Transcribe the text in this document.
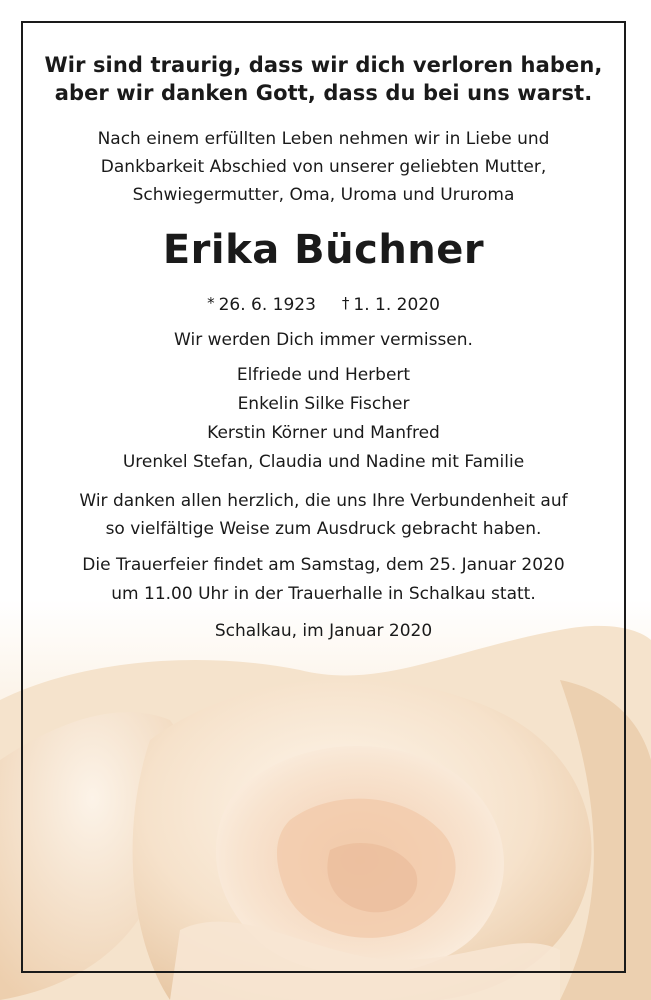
Wir sind traurig, dass wir dich verloren haben,
aber wir danken Gott, dass du bei uns warst.
Nach einem erfüllten Leben nehmen wir in Liebe und
Dankbarkeit Abschied von unserer geliebten Mutter,
Schwiegermutter, Oma, Uroma und Ururoma
Erika Büchner
* 26. 6. 1923 † 1. 1. 2020
Wir werden Dich immer vermissen.
Elfriede und Herbert
Enkelin Silke Fischer
Kerstin Körner und Manfred
Urenkel Stefan, Claudia und Nadine mit Familie
Wir danken allen herzlich, die uns Ihre Verbundenheit auf
so vielfältige Weise zum Ausdruck gebracht haben.
Die Trauerfeier findet am Samstag, dem 25. Januar 2020
um 11.00 Uhr in der Trauerhalle in Schalkau statt.
Schalkau, im Januar 2020
